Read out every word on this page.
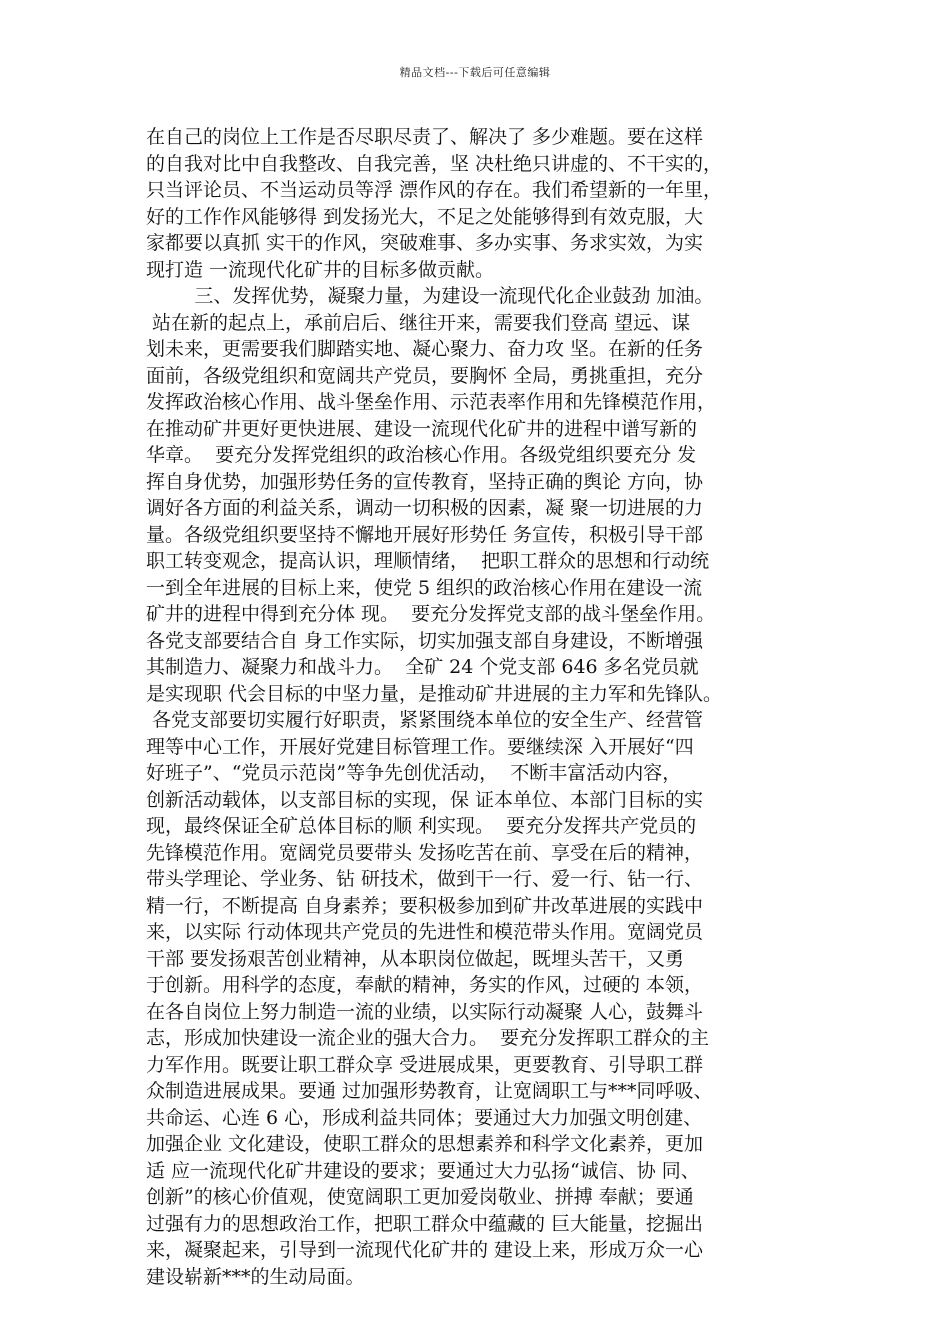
精品文档---下载后可任意编辑
在自己的岗位上工作是否尽职尽责了、解决了 多少难题。要在这样
的自我对比中自我整改、自我完善，坚 决杜绝只讲虚的、不干实的，
只当评论员、不当运动员等浮 漂作风的存在。我们希望新的一年里，
好的工作作风能够得 到发扬光大，不足之处能够得到有效克服，大
家都要以真抓 实干的作风，突破难事、多办实事、务求实效，为实
现打造 一流现代化矿井的目标多做贡献。
三、发挥优势，凝聚力量，为建设一流现代化企业鼓劲 加油。
站在新的起点上，承前启后、继往开来，需要我们登高 望远、谋
划未来，更需要我们脚踏实地、凝心聚力、奋力攻 坚。在新的任务
面前，各级党组织和宽阔共产党员，要胸怀 全局，勇挑重担，充分
发挥政治核心作用、战斗堡垒作用、示范表率作用和先锋模范作用，
在推动矿井更好更快进展、建设一流现代化矿井的进程中谱写新的
华章。  要充分发挥党组织的政治核心作用。各级党组织要充分 发
挥自身优势，加强形势任务的宣传教育，坚持正确的舆论 方向，协
调好各方面的利益关系，调动一切积极的因素，凝 聚一切进展的力
量。各级党组织要坚持不懈地开展好形势任 务宣传，积极引导干部
职工转变观念，提高认识，理顺情绪，  把职工群众的思想和行动统
一到全年进展的目标上来，使党 5 组织的政治核心作用在建设一流
矿井的进程中得到充分体 现。  要充分发挥党支部的战斗堡垒作用。
各党支部要结合自 身工作实际，切实加强支部自身建设，不断增强
其制造力、凝聚力和战斗力。  全矿 24 个党支部 646 多名党员就
是实现职 代会目标的中坚力量，是推动矿井进展的主力军和先锋队。
各党支部要切实履行好职责，紧紧围绕本单位的安全生产、经营管
理等中心工作，开展好党建目标管理工作。要继续深 入开展好“四
好班子”、“党员示范岗”等争先创优活动，  不断丰富活动内容，
创新活动载体，以支部目标的实现，保 证本单位、本部门目标的实
现，最终保证全矿总体目标的顺 利实现。  要充分发挥共产党员的
先锋模范作用。宽阔党员要带头 发扬吃苦在前、享受在后的精神，
带头学理论、学业务、钻 研技术，做到干一行、爱一行、钻一行、
精一行，不断提高 自身素养；要积极参加到矿井改革进展的实践中
来，以实际 行动体现共产党员的先进性和模范带头作用。宽阔党员
干部 要发扬艰苦创业精神，从本职岗位做起，既埋头苦干，又勇
于创新。用科学的态度，奉献的精神，务实的作风，过硬的 本领，
在各自岗位上努力制造一流的业绩，以实际行动凝聚 人心，鼓舞斗
志，形成加快建设一流企业的强大合力。  要充分发挥职工群众的主
力军作用。既要让职工群众享 受进展成果，更要教育、引导职工群
众制造进展成果。要通 过加强形势教育，让宽阔职工与***同呼吸、
共命运、心连 6 心，形成利益共同体；要通过大力加强文明创建、
加强企业 文化建设，使职工群众的思想素养和科学文化素养，更加
适 应一流现代化矿井建设的要求；要通过大力弘扬“诚信、协 同、
创新”的核心价值观，使宽阔职工更加爱岗敬业、拼搏 奉献；要通
过强有力的思想政治工作，把职工群众中蕴藏的 巨大能量，挖掘出
来，凝聚起来，引导到一流现代化矿井的 建设上来，形成万众一心
建设崭新***的生动局面。
